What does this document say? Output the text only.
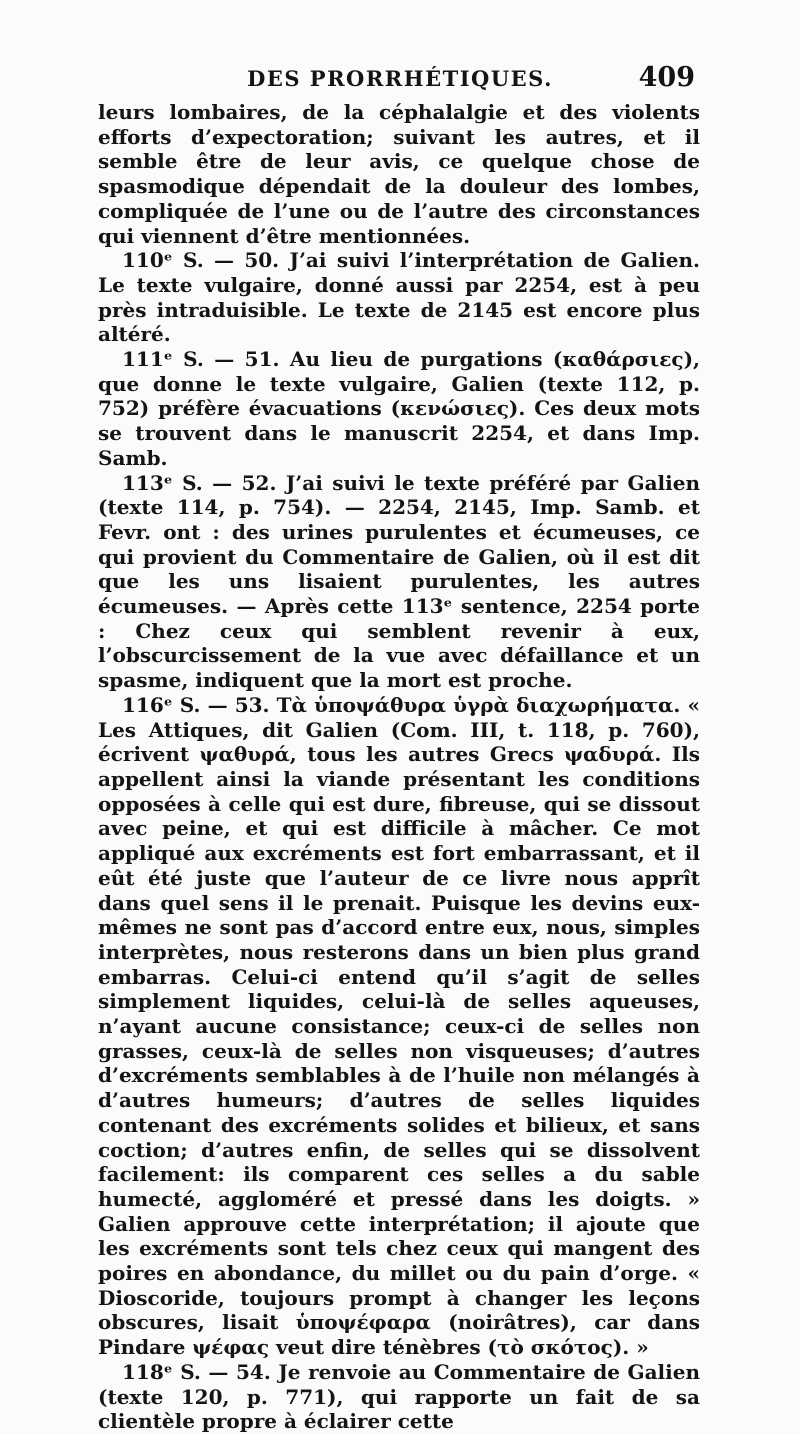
DES PRORRHÉTIQUES.	409

leurs lombaires, de la céphalalgie et des violents efforts d’expectoration; suivant les autres, et il semble être de leur avis, ce quelque chose de spasmodique dépendait de la douleur des lombes, compliquée de l’une ou de l’autre des circonstances qui viennent d’être mentionnées.

110ᵉ S. — 50. J’ai suivi l’interprétation de Galien. Le texte vulgaire, donné aussi par 2254, est à peu près intraduisible. Le texte de 2145 est encore plus altéré.

111ᵉ S. — 51. Au lieu de purgations (καθάρσιες), que donne le texte vulgaire, Galien (texte 112, p. 752) préfère évacuations (κενώσιες). Ces deux mots se trouvent dans le manuscrit 2254, et dans Imp. Samb.

113ᵉ S. — 52. J’ai suivi le texte préféré par Galien (texte 114, p. 754). — 2254, 2145, Imp. Samb. et Fevr. ont : des urines purulentes et écumeuses, ce qui provient du Commentaire de Galien, où il est dit que les uns lisaient purulentes, les autres écumeuses. — Après cette 113ᵉ sentence, 2254 porte : Chez ceux qui semblent revenir à eux, l’obscurcissement de la vue avec défaillance et un spasme, indiquent que la mort est proche.

116ᵉ S. — 53. Τὰ ὑποψάθυρα ὑγρὰ διαχωρήματα. « Les Attiques, dit Galien (Com. III, t. 118, p. 760), écrivent ψαθυρά, tous les autres Grecs ψαδυρά. Ils appellent ainsi la viande présentant les conditions opposées à celle qui est dure, fibreuse, qui se dissout avec peine, et qui est difficile à mâcher. Ce mot appliqué aux excréments est fort embarrassant, et il eût été juste que l’auteur de ce livre nous apprît dans quel sens il le prenait. Puisque les devins eux-mêmes ne sont pas d’accord entre eux, nous, simples interprètes, nous resterons dans un bien plus grand embarras. Celui-ci entend qu’il s’agit de selles simplement liquides, celui-là de selles aqueuses, n’ayant aucune consistance; ceux-ci de selles non grasses, ceux-là de selles non visqueuses; d’autres d’excréments semblables à de l’huile non mélangés à d’autres humeurs; d’autres de selles liquides contenant des excréments solides et bilieux, et sans coction; d’autres enfin, de selles qui se dissolvent facilement: ils comparent ces selles a du sable humecté, aggloméré et pressé dans les doigts. » Galien approuve cette interprétation; il ajoute que les excréments sont tels chez ceux qui mangent des poires en abondance, du millet ou du pain d’orge. « Dioscoride, toujours prompt à changer les leçons obscures, lisait ὑποψέφαρα (noirâtres), car dans Pindare ψέφας veut dire ténèbres (τὸ σκότος). »

118ᵉ S. — 54. Je renvoie au Commentaire de Galien (texte 120, p. 771), qui rapporte un fait de sa clientèle propre à éclairer cette
